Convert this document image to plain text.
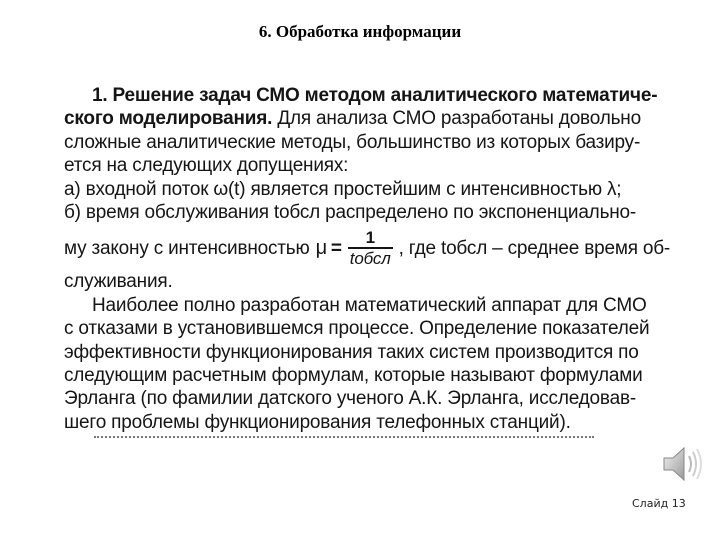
6. Обработка информации
1. Решение задач СМО методом аналитического математиче-
ского моделирования. Для анализа СМО разработаны довольно
сложные аналитические методы, большинство из которых базиру-
ется на следующих допущениях:
а) входной поток ω(t) является простейшим с интенсивностью λ;
б) время обслуживания tобсл распределено по экспоненциально-
му закону с интенсивностью $\mu = \frac{1}{\text{tобсл}}$ , где tобсл – среднее время об-
служивания.
Наиболее полно разработан математический аппарат для СМО
с отказами в установившемся процессе. Определение показателей
эффективности функционирования таких систем производится по
следующим расчетным формулам, которые называют формулами
Эрланга (по фамилии датского ученого А.К. Эрланга, исследовав-
шего проблемы функционирования телефонных станций).
Слайд 13
